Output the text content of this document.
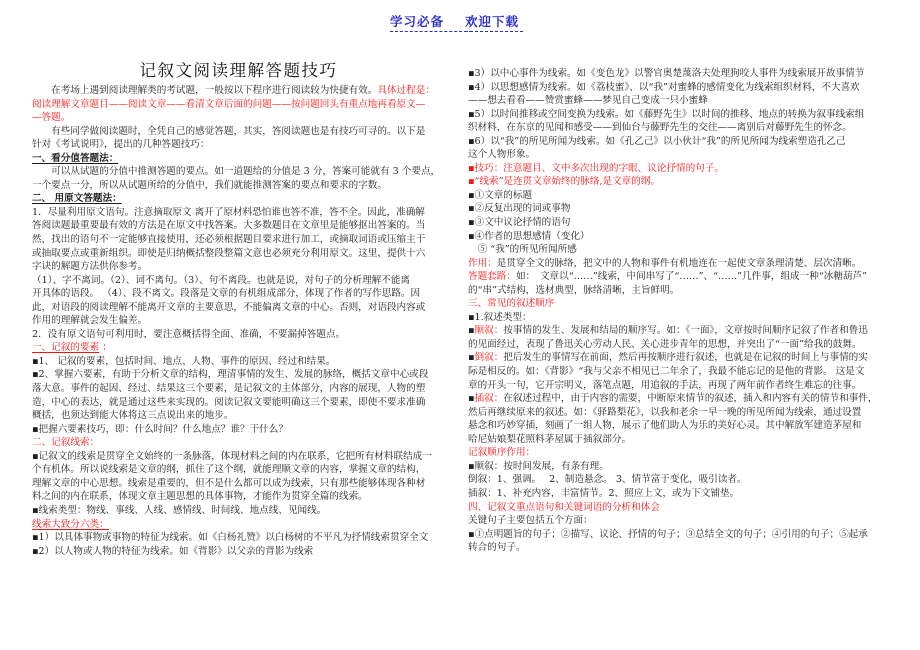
学习必备	欢迎下载
记叙文阅读理解答题技巧
　　在考场上遇到阅读理解类的考试题，一般按以下程序进行阅读较为快捷有效。具体过程是：
阅读理解文章题目——阅读文章——看清文章后面的问题——按问题回头有重点地再看原文—
—答题。
　　有些同学做阅读题时，全凭自己的感觉答题，其实，答阅读题也是有技巧可寻的。以下是
针对《考试说明》，提出的几种答题技巧：
一、看分值答题法：
　　可以从试题的分值中推测答题的要点。如一道题给的分值是 3 分，答案可能就有 3 个要点，
一个要点一分，所以从试题所给的分值中，我们就能推测答案的要点和要求的字数。
二、 用原文答题法：
1．尽量利用原文语句。注意摘取原文 离开了原材料恐怕谁也答不准，答不全。因此，准确解
答阅读题最重要最有效的方法是在原文中找答案。大多数题目在文章里是能够抠出答案的。当
然，找出的语句不一定能够直接使用，还必须根据题目要求进行加工，或摘取词语或压缩主干
或抽取要点或重新组织。即使是归纳概括整段整篇文意也必须充分利用原文。这里，提供十六
字诀的解题方法供你参考。
（1）、字不离词。（2）、词不离句。（3）、句不离段。也就是说，对句子的分析理解不能离
开具体的语段。 （4）、段不离文。段落是文章的有机组成部分，体现了作者的写作思路。因
此，对语段的阅读理解不能离开文章的主要意思，不能偏离文章的中心。否则，对语段内容或
作用的理解就会发生偏差。
2．没有原文语句可利用时，要注意概括得全面、准确，不要漏掉答题点。
一、记叙的要素 ：
▪1、 记叙的要素，包括时间、地点、人物、事件的原因、经过和结果。
▪2、掌握六要素，有助于分析文章的结构，理清事情的发生、发展的脉络，概括文章中心或段
落大意。事件的起因、经过、结果这三个要素，是记叙文的主体部分，内容的展现，人物的塑
造，中心的表达，就是通过这些来实现的。阅读记叙文要能明确这三个要素，即使不要求准确
概括，也须达到能大体将这三点说出来的地步。
▪把握六要素技巧，即：什么时间？什么地点？谁？干什么？
二、记叙线索：
▪记叙文的线索是贯穿全文始终的一条脉落，体现材料之间的内在联系，它把所有材料联结成一
个有机体。所以说线索是文章的纲，抓住了这个纲，就能理顺文章的内容，掌握文章的结构，
理解文章的中心思想。线索是重要的，但不是什么都可以成为线索，只有那些能够体现各种材
料之间的内在联系，体现文章主题思想的具体事物，才能作为贯穿全篇的线索。
▪线索类型：物线、事线、人线、感情线、时间线、地点线、见闻线。
线索大致分六类：
▪1）以具体事物或事物的特征为线索。如《白杨礼赞》以白杨树的不平凡为抒情线索贯穿全文
▪2）以人物或人物的特征为线索。如《背影》以父亲的背影为线索
▪3）以中心事件为线索。如《变色龙》以警官奥楚蔑洛夫处理狗咬人事件为线索展开故事情节
▪4）以思想感情为线索。如《荔枝蜜》、以“我”对蜜蜂的感情变化为线索组织材料，不大喜欢
——想去看看——赞赏蜜蜂——梦见自己变成一只小蜜蜂
▪5）以时间推移或空间变换为线索。如《藤野先生》以时间的推移、地点的转换为叙事线索组
织材料，在东京的见闻和感受——到仙台与藤野先生的交往——离别后对藤野先生的怀念。
▪6）以“我”的所见所闻为线索。如《孔乙己》以小伙计“我”的所见所闻为线索塑造孔乙己
这个人物形象。
▪技巧：注意题目、文中多次出现的字眼、议论抒情的句子。
▪“线索”是连贯文章始终的脉络,是文章的纲。
▪①文章的标题
▪②反复出现的词或事物
▪③文中议论抒情的语句
▪④作者的思想感情（变化）
　⑤ “我”的所见所闻所感
作用：是贯穿全文的脉络，把文中的人物和事件有机地连在一起使文章条理清楚、层次清晰。
答题套路：如：　文章以“……”线索，中间串写了“……”、“……”几件事，组成一种“冰糖葫芦”
的“串”式结构，选材典型，脉络清晰，主旨鲜明。
三、常见的叙述顺序
▪1.叙述类型：
▪顺叙：按事情的发生、发展和结局的顺序写。如：《一面》，文章按时间顺序记叙了作者和鲁迅
的见面经过，表现了鲁迅关心劳动人民、关心进步青年的思想，并突出了“一面”给我的鼓舞。
▪倒叙：把后发生的事情写在前面，然后再按顺序进行叙述，也就是在记叙的时间上与事情的实
际是相反的。如：《背影》“我与父亲不相见已二年余了，我最不能忘记的是他的背影。 这是文
章的开头一句，它开宗明义，落笔点题，用追叙的手法，再现了两年前作者终生难忘的往事。
▪插叙：在叙述过程中，由于内容的需要，中断原来情节的叙述，插入和内容有关的情节和事件，
然后再继续原来的叙述。如：《驿路梨花》，以我和老余一早一晚的所见所闻为线索，通过设置
悬念和巧妙穿插，刻画了一组人物，展示了他们助人为乐的美好心灵。其中解放军建造茅屋和
哈尼姑娘梨花照料茅屋属于插叙部分。
记叙顺序作用：
▪顺叙：按时间发展，有条有理。
倒叙：1、强调。　 2、制造悬念。 3、情节富于变化，吸引读者。
插叙：1、补充内容，丰富情节。2、照应上文，或为下文铺垫。
四、记叙文重点语句和关键词语的分析和体会
关键句子主要包括五个方面：
▪①点明题旨的句子；②描写、议论、抒情的句子；③总结全文的句子；④引用的句子；⑤起承
转合的句子。
